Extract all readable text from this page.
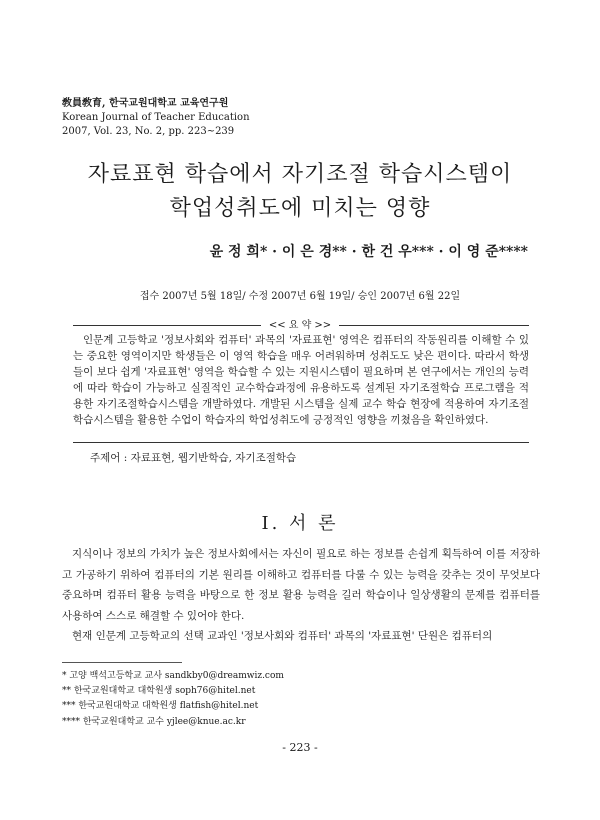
敎員敎育, 한국교원대학교 교육연구원
Korean Journal of Teacher Education
2007, Vol. 23, No. 2, pp. 223~239
자료표현 학습에서 자기조절 학습시스템이
학업성취도에 미치는 영향
윤 정 희* · 이 은 경** · 한 건 우*** · 이 영 준****
접수 2007년 5월 18일/ 수정 2007년 6월 19일/ 승인 2007년 6월 22일
<< 요 약 >>

인문계 고등학교 '정보사회와 컴퓨터' 과목의 '자료표현' 영역은 컴퓨터의 작동원리를 이해할 수 있는 중요한 영역이지만 학생들은 이 영역 학습을 매우 어려워하며 성취도도 낮은 편이다. 따라서 학생들이 보다 쉽게 '자료표현' 영역을 학습할 수 있는 지원시스템이 필요하며 본 연구에서는 개인의 능력에 따라 학습이 가능하고 실질적인 교수학습과정에 유용하도록 설계된 자기조절학습 프로그램을 적용한 자기조절학습시스템을 개발하였다. 개발된 시스템을 실제 교수 학습 현장에 적용하여 자기조절학습시스템을 활용한 수업이 학습자의 학업성취도에 긍정적인 영향을 끼쳤음을 확인하였다.

주제어 : 자료표현, 웹기반학습, 자기조절학습
Ⅰ. 서 론

지식이나 정보의 가치가 높은 정보사회에서는 자신이 필요로 하는 정보를 손쉽게 획득하여 이를 저장하고 가공하기 위하여 컴퓨터의 기본 원리를 이해하고 컴퓨터를 다룰 수 있는 능력을 갖추는 것이 무엇보다 중요하며 컴퓨터 활용 능력을 바탕으로 한 정보 활용 능력을 길러 학습이나 일상생활의 문제를 컴퓨터를 사용하여 스스로 해결할 수 있어야 한다.

현재 인문계 고등학교의 선택 교과인 '정보사회와 컴퓨터' 과목의 '자료표현' 단원은 컴퓨터의

* 고양 백석고등학교 교사 sandkby0@dreamwiz.com
** 한국교원대학교 대학원생 soph76@hitel.net
*** 한국교원대학교 대학원생 flatfish@hitel.net
**** 한국교원대학교 교수 yjlee@knue.ac.kr
- 223 -
